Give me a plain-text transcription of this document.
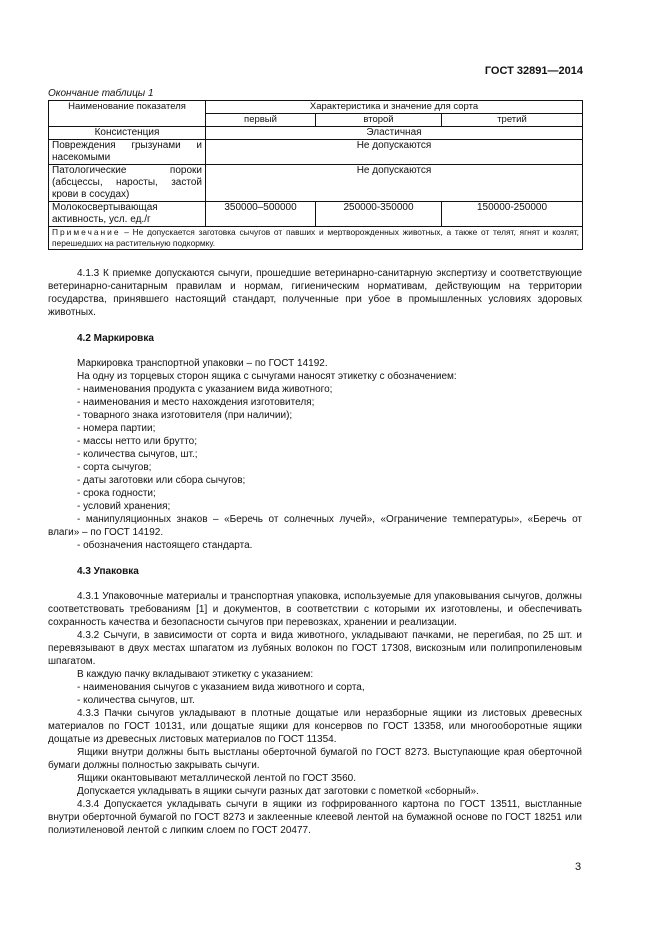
ГОСТ 32891—2014
Окончание таблицы 1
Наименование показателя	Характеристика и значение для сорта		
	первый	второй	третий
Консистенция	Эластичная		
Повреждения грызунами и насекомыми	Не допускаются		
Патологические пороки (абсцессы, наросты, застой крови в сосудах)	Не допускаются		
Молокосвертывающая активность, усл. ед./г	350000–500000	250000-350000	150000-250000
Примечание – Не допускается заготовка сычугов от павших и мертворожденных животных, а также от телят, ягнят и козлят, перешедших на растительную подкормку.			

4.1.3 К приемке допускаются сычуги, прошедшие ветеринарно-санитарную экспертизу и соответствующие ветеринарно-санитарным правилам и нормам, гигиеническим нормативам, действующим на территории государства, принявшего настоящий стандарт, полученные при убое в промышленных условиях здоровых животных.

4.2 Маркировка

Маркировка транспортной упаковки – по ГОСТ 14192.

На одну из торцевых сторон ящика с сычугами наносят этикетку с обозначением:

- наименования продукта с указанием вида животного;

- наименования и место нахождения изготовителя;

- товарного знака изготовителя (при наличии);

- номера партии;

- массы нетто или брутто;

- количества сычугов, шт.;

- сорта сычугов;

- даты заготовки или сбора сычугов;

- срока годности;

- условий хранения;

- манипуляционных знаков – «Беречь от солнечных лучей», «Ограничение температуры», «Беречь от влаги» – по ГОСТ 14192.

- обозначения настоящего стандарта.

4.3 Упаковка

4.3.1 Упаковочные материалы и транспортная упаковка, используемые для упаковывания сычугов, должны соответствовать требованиям [1] и документов, в соответствии с которыми их изготовлены, и обеспечивать сохранность качества и безопасности сычугов при перевозках, хранении и реализации.

4.3.2 Сычуги, в зависимости от сорта и вида животного, укладывают пачками, не перегибая, по 25 шт. и перевязывают в двух местах шпагатом из лубяных волокон по ГОСТ 17308, вискозным или полипропиленовым шпагатом.

В каждую пачку вкладывают этикетку с указанием:

- наименования сычугов с указанием вида животного и сорта,

- количества сычугов, шт.

4.3.3 Пачки сычугов укладывают в плотные дощатые или неразборные ящики из листовых древесных материалов по ГОСТ 10131, или дощатые ящики для консервов по ГОСТ 13358, или многооборотные ящики дощатые из древесных листовых материалов по ГОСТ 11354.

Ящики внутри должны быть выстланы оберточной бумагой по ГОСТ 8273. Выступающие края оберточной бумаги должны полностью закрывать сычуги.

Ящики окантовывают металлической лентой по ГОСТ 3560.

Допускается укладывать в ящики сычуги разных дат заготовки с пометкой «сборный».

4.3.4 Допускается укладывать сычуги в ящики из гофрированного картона по ГОСТ 13511, выстланные внутри оберточной бумагой по ГОСТ 8273 и заклеенные клеевой лентой на бумажной основе по ГОСТ 18251 или полиэтиленовой лентой с липким слоем по ГОСТ 20477.

3
